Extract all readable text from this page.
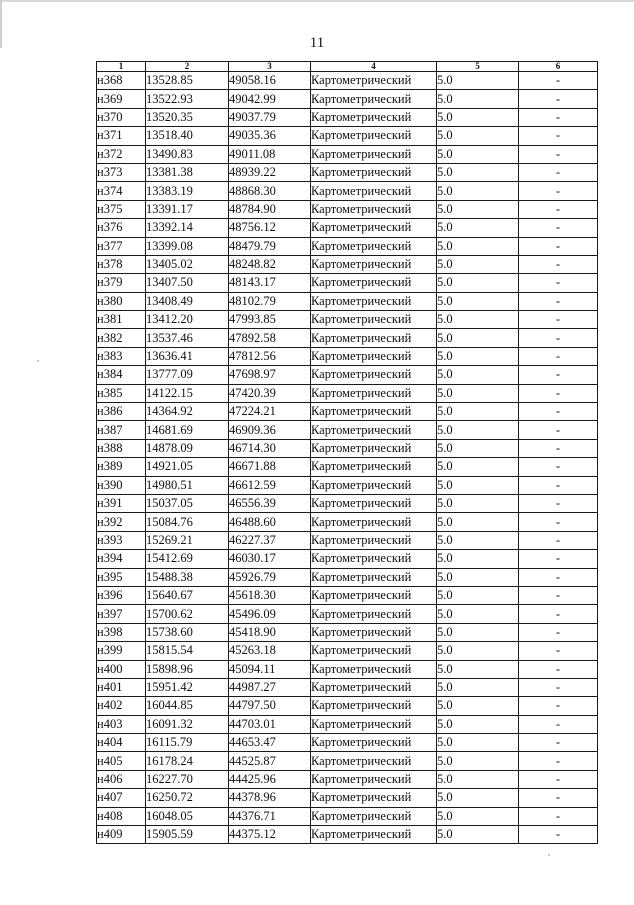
11
1	2	3	4	5	6
н368	13528.85	49058.16	Картометрический	5.0	-
н369	13522.93	49042.99	Картометрический	5.0	-
н370	13520.35	49037.79	Картометрический	5.0	-
н371	13518.40	49035.36	Картометрический	5.0	-
н372	13490.83	49011.08	Картометрический	5.0	-
н373	13381.38	48939.22	Картометрический	5.0	-
н374	13383.19	48868.30	Картометрический	5.0	-
н375	13391.17	48784.90	Картометрический	5.0	-
н376	13392.14	48756.12	Картометрический	5.0	-
н377	13399.08	48479.79	Картометрический	5.0	-
н378	13405.02	48248.82	Картометрический	5.0	-
н379	13407.50	48143.17	Картометрический	5.0	-
н380	13408.49	48102.79	Картометрический	5.0	-
н381	13412.20	47993.85	Картометрический	5.0	-
н382	13537.46	47892.58	Картометрический	5.0	-
н383	13636.41	47812.56	Картометрический	5.0	-
н384	13777.09	47698.97	Картометрический	5.0	-
н385	14122.15	47420.39	Картометрический	5.0	-
н386	14364.92	47224.21	Картометрический	5.0	-
н387	14681.69	46909.36	Картометрический	5.0	-
н388	14878.09	46714.30	Картометрический	5.0	-
н389	14921.05	46671.88	Картометрический	5.0	-
н390	14980.51	46612.59	Картометрический	5.0	-
н391	15037.05	46556.39	Картометрический	5.0	-
н392	15084.76	46488.60	Картометрический	5.0	-
н393	15269.21	46227.37	Картометрический	5.0	-
н394	15412.69	46030.17	Картометрический	5.0	-
н395	15488.38	45926.79	Картометрический	5.0	-
н396	15640.67	45618.30	Картометрический	5.0	-
н397	15700.62	45496.09	Картометрический	5.0	-
н398	15738.60	45418.90	Картометрический	5.0	-
н399	15815.54	45263.18	Картометрический	5.0	-
н400	15898.96	45094.11	Картометрический	5.0	-
н401	15951.42	44987.27	Картометрический	5.0	-
н402	16044.85	44797.50	Картометрический	5.0	-
н403	16091.32	44703.01	Картометрический	5.0	-
н404	16115.79	44653.47	Картометрический	5.0	-
н405	16178.24	44525.87	Картометрический	5.0	-
н406	16227.70	44425.96	Картометрический	5.0	-
н407	16250.72	44378.96	Картометрический	5.0	-
н408	16048.05	44376.71	Картометрический	5.0	-
н409	15905.59	44375.12	Картометрический	5.0	-
